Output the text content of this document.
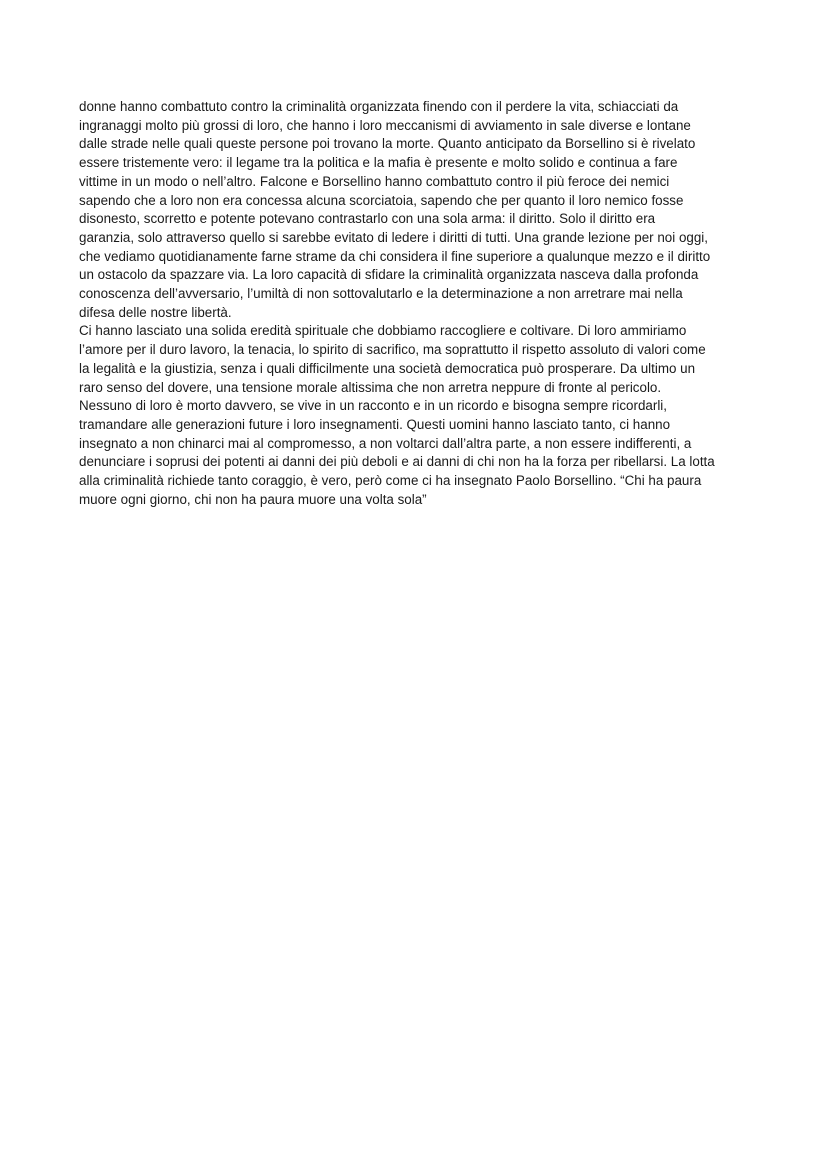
donne hanno combattuto contro la criminalità organizzata finendo con il perdere la vita, schiacciati da
ingranaggi molto più grossi di loro, che hanno i loro meccanismi di avviamento in sale diverse e lontane
dalle strade nelle quali queste persone poi trovano la morte. Quanto anticipato da Borsellino si è rivelato
essere tristemente vero: il legame tra la politica e la mafia è presente e molto solido e continua a fare
vittime in un modo o nell’altro. Falcone e Borsellino hanno combattuto contro il più feroce dei nemici
sapendo che a loro non era concessa alcuna scorciatoia, sapendo che per quanto il loro nemico fosse
disonesto, scorretto e potente potevano contrastarlo con una sola arma: il diritto. Solo il diritto era
garanzia, solo attraverso quello si sarebbe evitato di ledere i diritti di tutti. Una grande lezione per noi oggi,
che vediamo quotidianamente farne strame da chi considera il fine superiore a qualunque mezzo e il diritto
un ostacolo da spazzare via. La loro capacità di sfidare la criminalità organizzata nasceva dalla profonda
conoscenza dell’avversario, l’umiltà di non sottovalutarlo e la determinazione a non arretrare mai nella
difesa delle nostre libertà.
Ci hanno lasciato una solida eredità spirituale che dobbiamo raccogliere e coltivare. Di loro ammiriamo
l’amore per il duro lavoro, la tenacia, lo spirito di sacrifico, ma soprattutto il rispetto assoluto di valori come
la legalità e la giustizia, senza i quali difficilmente una società democratica può prosperare. Da ultimo un
raro senso del dovere, una tensione morale altissima che non arretra neppure di fronte al pericolo.
Nessuno di loro è morto davvero, se vive in un racconto e in un ricordo e bisogna sempre ricordarli,
tramandare alle generazioni future i loro insegnamenti. Questi uomini hanno lasciato tanto, ci hanno
insegnato a non chinarci mai al compromesso, a non voltarci dall’altra parte, a non essere indifferenti, a
denunciare i soprusi dei potenti ai danni dei più deboli e ai danni di chi non ha la forza per ribellarsi. La lotta
alla criminalità richiede tanto coraggio, è vero, però come ci ha insegnato Paolo Borsellino. “Chi ha paura
muore ogni giorno, chi non ha paura muore una volta sola”
